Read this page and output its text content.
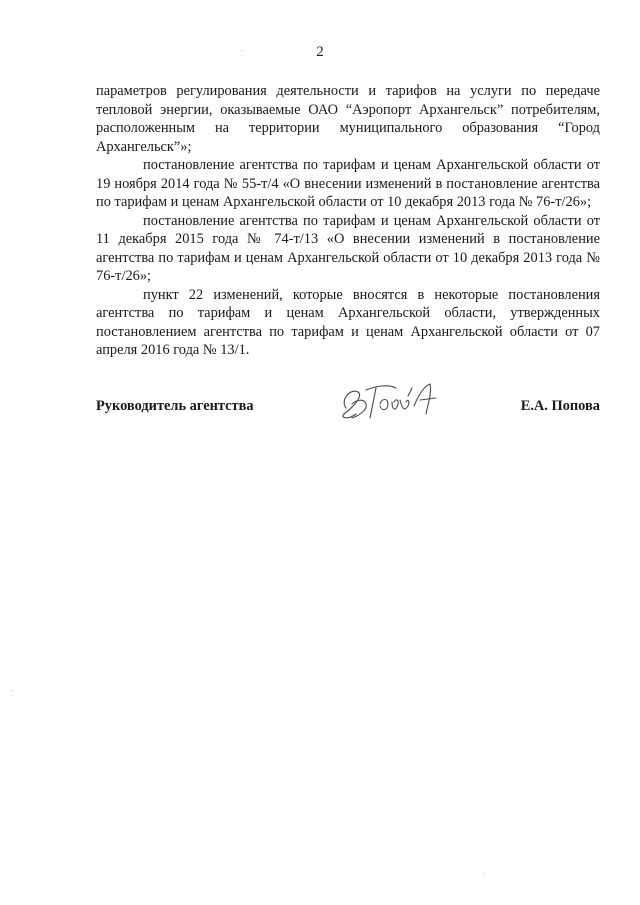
2

параметров регулирования деятельности и тарифов на услуги по передаче тепловой энергии, оказываемые ОАО “Аэропорт Архангельск” потребителям, расположенным на территории муниципального образования “Город Архангельск”»;

постановление агентства по тарифам и ценам Архангельской области от 19 ноября 2014 года № 55-т/4 «О внесении изменений в постановление агентства по тарифам и ценам Архангельской области от 10 декабря 2013 года № 76-т/26»;

постановление агентства по тарифам и ценам Архангельской области от 11 декабря 2015 года № 74-т/13 «О внесении изменений в постановление агентства по тарифам и ценам Архангельской области от 10 декабря 2013 года № 76-т/26»;

пункт 22 изменений, которые вносятся в некоторые постановления агентства по тарифам и ценам Архангельской области, утвержденных постановлением агентства по тарифам и ценам Архангельской области от 07 апреля 2016 года № 13/1.

Руководитель агентства	Е.А. Попова
